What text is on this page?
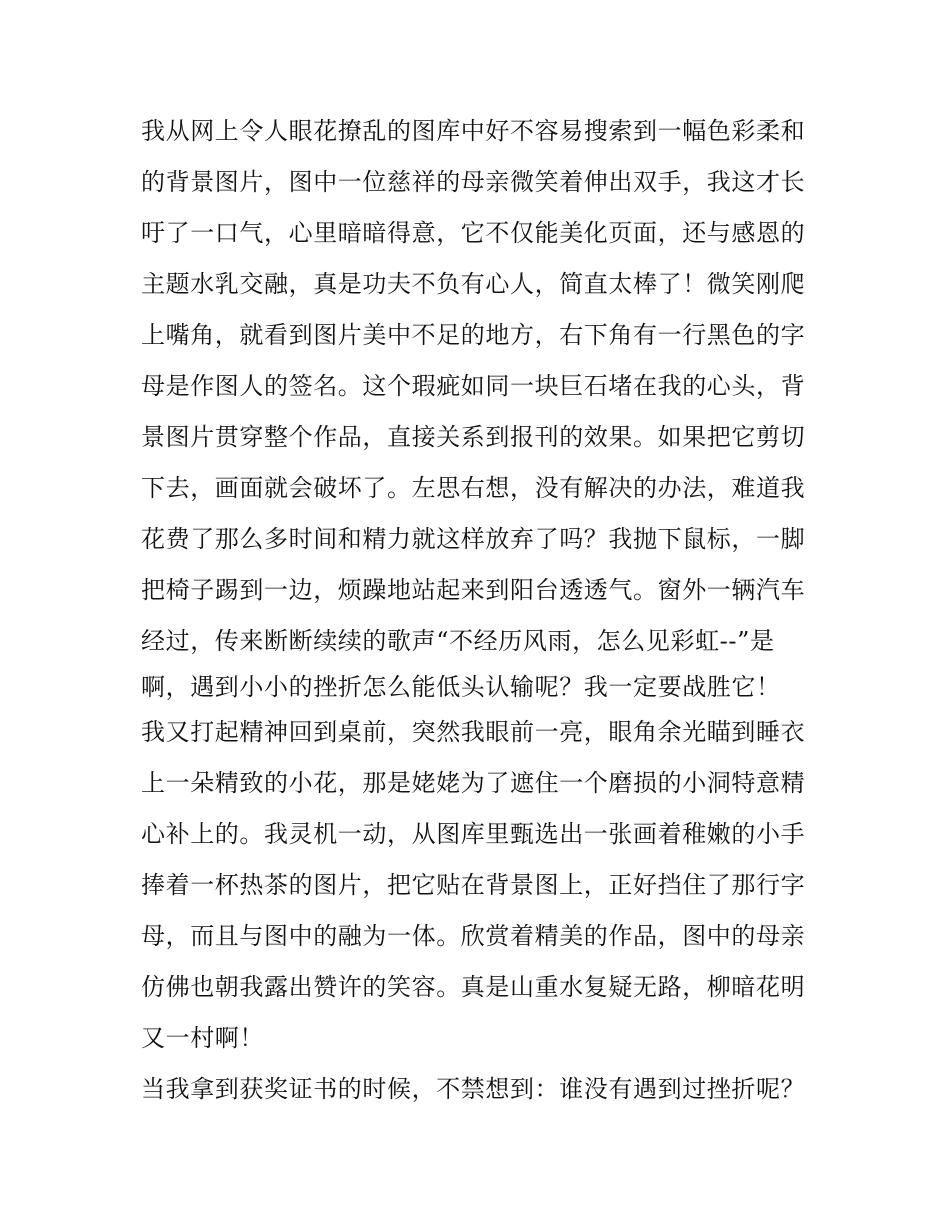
我从网上令人眼花撩乱的图库中好不容易搜索到一幅色彩柔和
的背景图片，图中一位慈祥的母亲微笑着伸出双手，我这才长
吁了一口气，心里暗暗得意，它不仅能美化页面，还与感恩的
主题水乳交融，真是功夫不负有心人，简直太棒了！微笑刚爬
上嘴角，就看到图片美中不足的地方，右下角有一行黑色的字
母是作图人的签名。这个瑕疵如同一块巨石堵在我的心头，背
景图片贯穿整个作品，直接关系到报刊的效果。如果把它剪切
下去，画面就会破坏了。左思右想，没有解决的办法，难道我
花费了那么多时间和精力就这样放弃了吗？我抛下鼠标，一脚
把椅子踢到一边，烦躁地站起来到阳台透透气。窗外一辆汽车
经过，传来断断续续的歌声“不经历风雨，怎么见彩虹--”是
啊，遇到小小的挫折怎么能低头认输呢？我一定要战胜它！
我又打起精神回到桌前，突然我眼前一亮，眼角余光瞄到睡衣
上一朵精致的小花，那是姥姥为了遮住一个磨损的小洞特意精
心补上的。我灵机一动，从图库里甄选出一张画着稚嫩的小手
捧着一杯热茶的图片，把它贴在背景图上，正好挡住了那行字
母，而且与图中的融为一体。欣赏着精美的作品，图中的母亲
仿佛也朝我露出赞许的笑容。真是山重水复疑无路，柳暗花明
又一村啊！
当我拿到获奖证书的时候，不禁想到：谁没有遇到过挫折呢？
